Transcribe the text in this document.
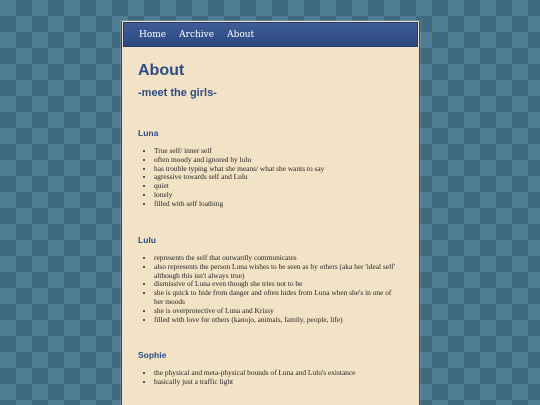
Home Archive About
About
-meet the girls-
Luna
• True self/ inner self
• often moody and ignored by lulu
• has trouble typing what she means/ what she wants to say
• agressive towards self and Lulu
• quiet
• lonely
• filled with self loathing
Lulu
• represents the self that outwardly communicates
• also represents the person Luna wishes to be seen as by others (aka her 'ideal self' although this isn't always true)
• dismissive of Luna even though she tries not to be
• she is quick to hide from danger and often hides from Luna when she's in one of her moods
• she is overprotective of Luna and Krissy
• filled with love for others (kanojo, animals, family, people, life)
Sophie
• the physical and meta-physical bounds of Luna and Lulu's existance
• basically just a traffic light
